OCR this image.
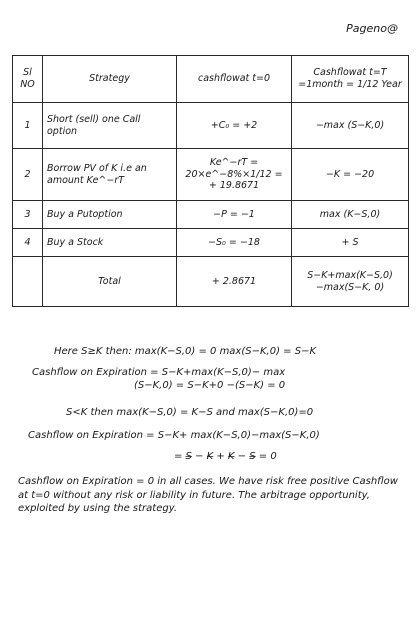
Pageno@
Sl NO	Strategy	cashflowat t=0	Cashflowat t=T =1month = 1/12 Year
1	Short (sell) one Call option	+C₀ = +2	−max (S−K,0)
2	Borrow PV of K i.e an amount Ke^−rT	Ke^−rT = 20×e^−8%×1/12 = + 19.8671	−K = −20
3	Buy a Putoption	−P = −1	max (K−S,0)
4	Buy a Stock	−S₀ = −18	+ S
	Total	+ 2.8671	S−K+max(K−S,0) −max(S−K, 0)
Here S≥K then: max(K−S,0) = 0 max(S−K,0) = S−K
Cashflow on Expiration = S−K+max(K−S,0)− max
(S−K,0) = S−K+0 −(S−K) = 0
S<K then max(K−S,0) = K−S and max(S−K,0)=0
Cashflow on Expiration = S−K+ max(K−S,0)−max(S−K,0)
= S̶ − K̶ + K̶ − S̶ = 0
Cashflow on Expiration = 0 in all cases. We have risk free positive Cashflow at t=0 without any risk or liability in future. The arbitrage opportunity, exploited by using the strategy.
